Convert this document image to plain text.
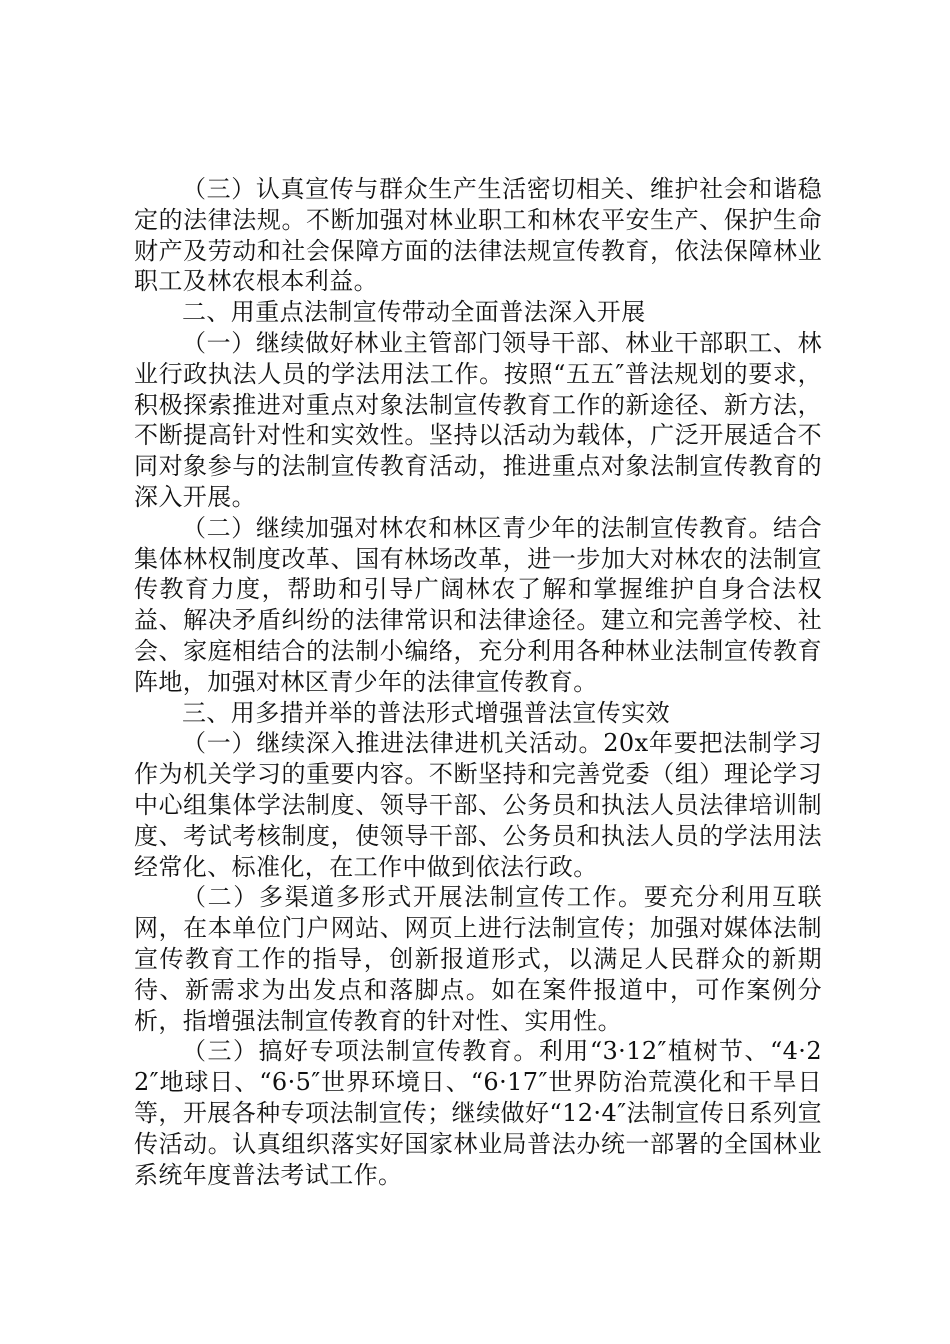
（三）认真宣传与群众生产生活密切相关、维护社会和谐稳定的法律法规。不断加强对林业职工和林农平安生产、保护生命财产及劳动和社会保障方面的法律法规宣传教育，依法保障林业职工及林农根本利益。

二、用重点法制宣传带动全面普法深入开展

（一）继续做好林业主管部门领导干部、林业干部职工、林业行政执法人员的学法用法工作。按照“五五″普法规划的要求，积极探索推进对重点对象法制宣传教育工作的新途径、新方法，不断提高针对性和实效性。坚持以活动为载体，广泛开展适合不同对象参与的法制宣传教育活动，推进重点对象法制宣传教育的深入开展。

（二）继续加强对林农和林区青少年的法制宣传教育。结合集体林权制度改革、国有林场改革，进一步加大对林农的法制宣传教育力度，帮助和引导广阔林农了解和掌握维护自身合法权益、解决矛盾纠纷的法律常识和法律途径。建立和完善学校、社会、家庭相结合的法制小编络，充分利用各种林业法制宣传教育阵地，加强对林区青少年的法律宣传教育。

三、用多措并举的普法形式增强普法宣传实效

（一）继续深入推进法律进机关活动。20x年要把法制学习作为机关学习的重要内容。不断坚持和完善党委（组）理论学习中心组集体学法制度、领导干部、公务员和执法人员法律培训制度、考试考核制度，使领导干部、公务员和执法人员的学法用法经常化、标准化，在工作中做到依法行政。

（二）多渠道多形式开展法制宣传工作。要充分利用互联网，在本单位门户网站、网页上进行法制宣传；加强对媒体法制宣传教育工作的指导，创新报道形式，以满足人民群众的新期待、新需求为出发点和落脚点。如在案件报道中，可作案例分析，指增强法制宣传教育的针对性、实用性。

（三）搞好专项法制宣传教育。利用“3·12″植树节、“4·22″地球日、“6·5″世界环境日、“6·17″世界防治荒漠化和干旱日等，开展各种专项法制宣传；继续做好“12·4″法制宣传日系列宣传活动。认真组织落实好国家林业局普法办统一部署的全国林业系统年度普法考试工作。
